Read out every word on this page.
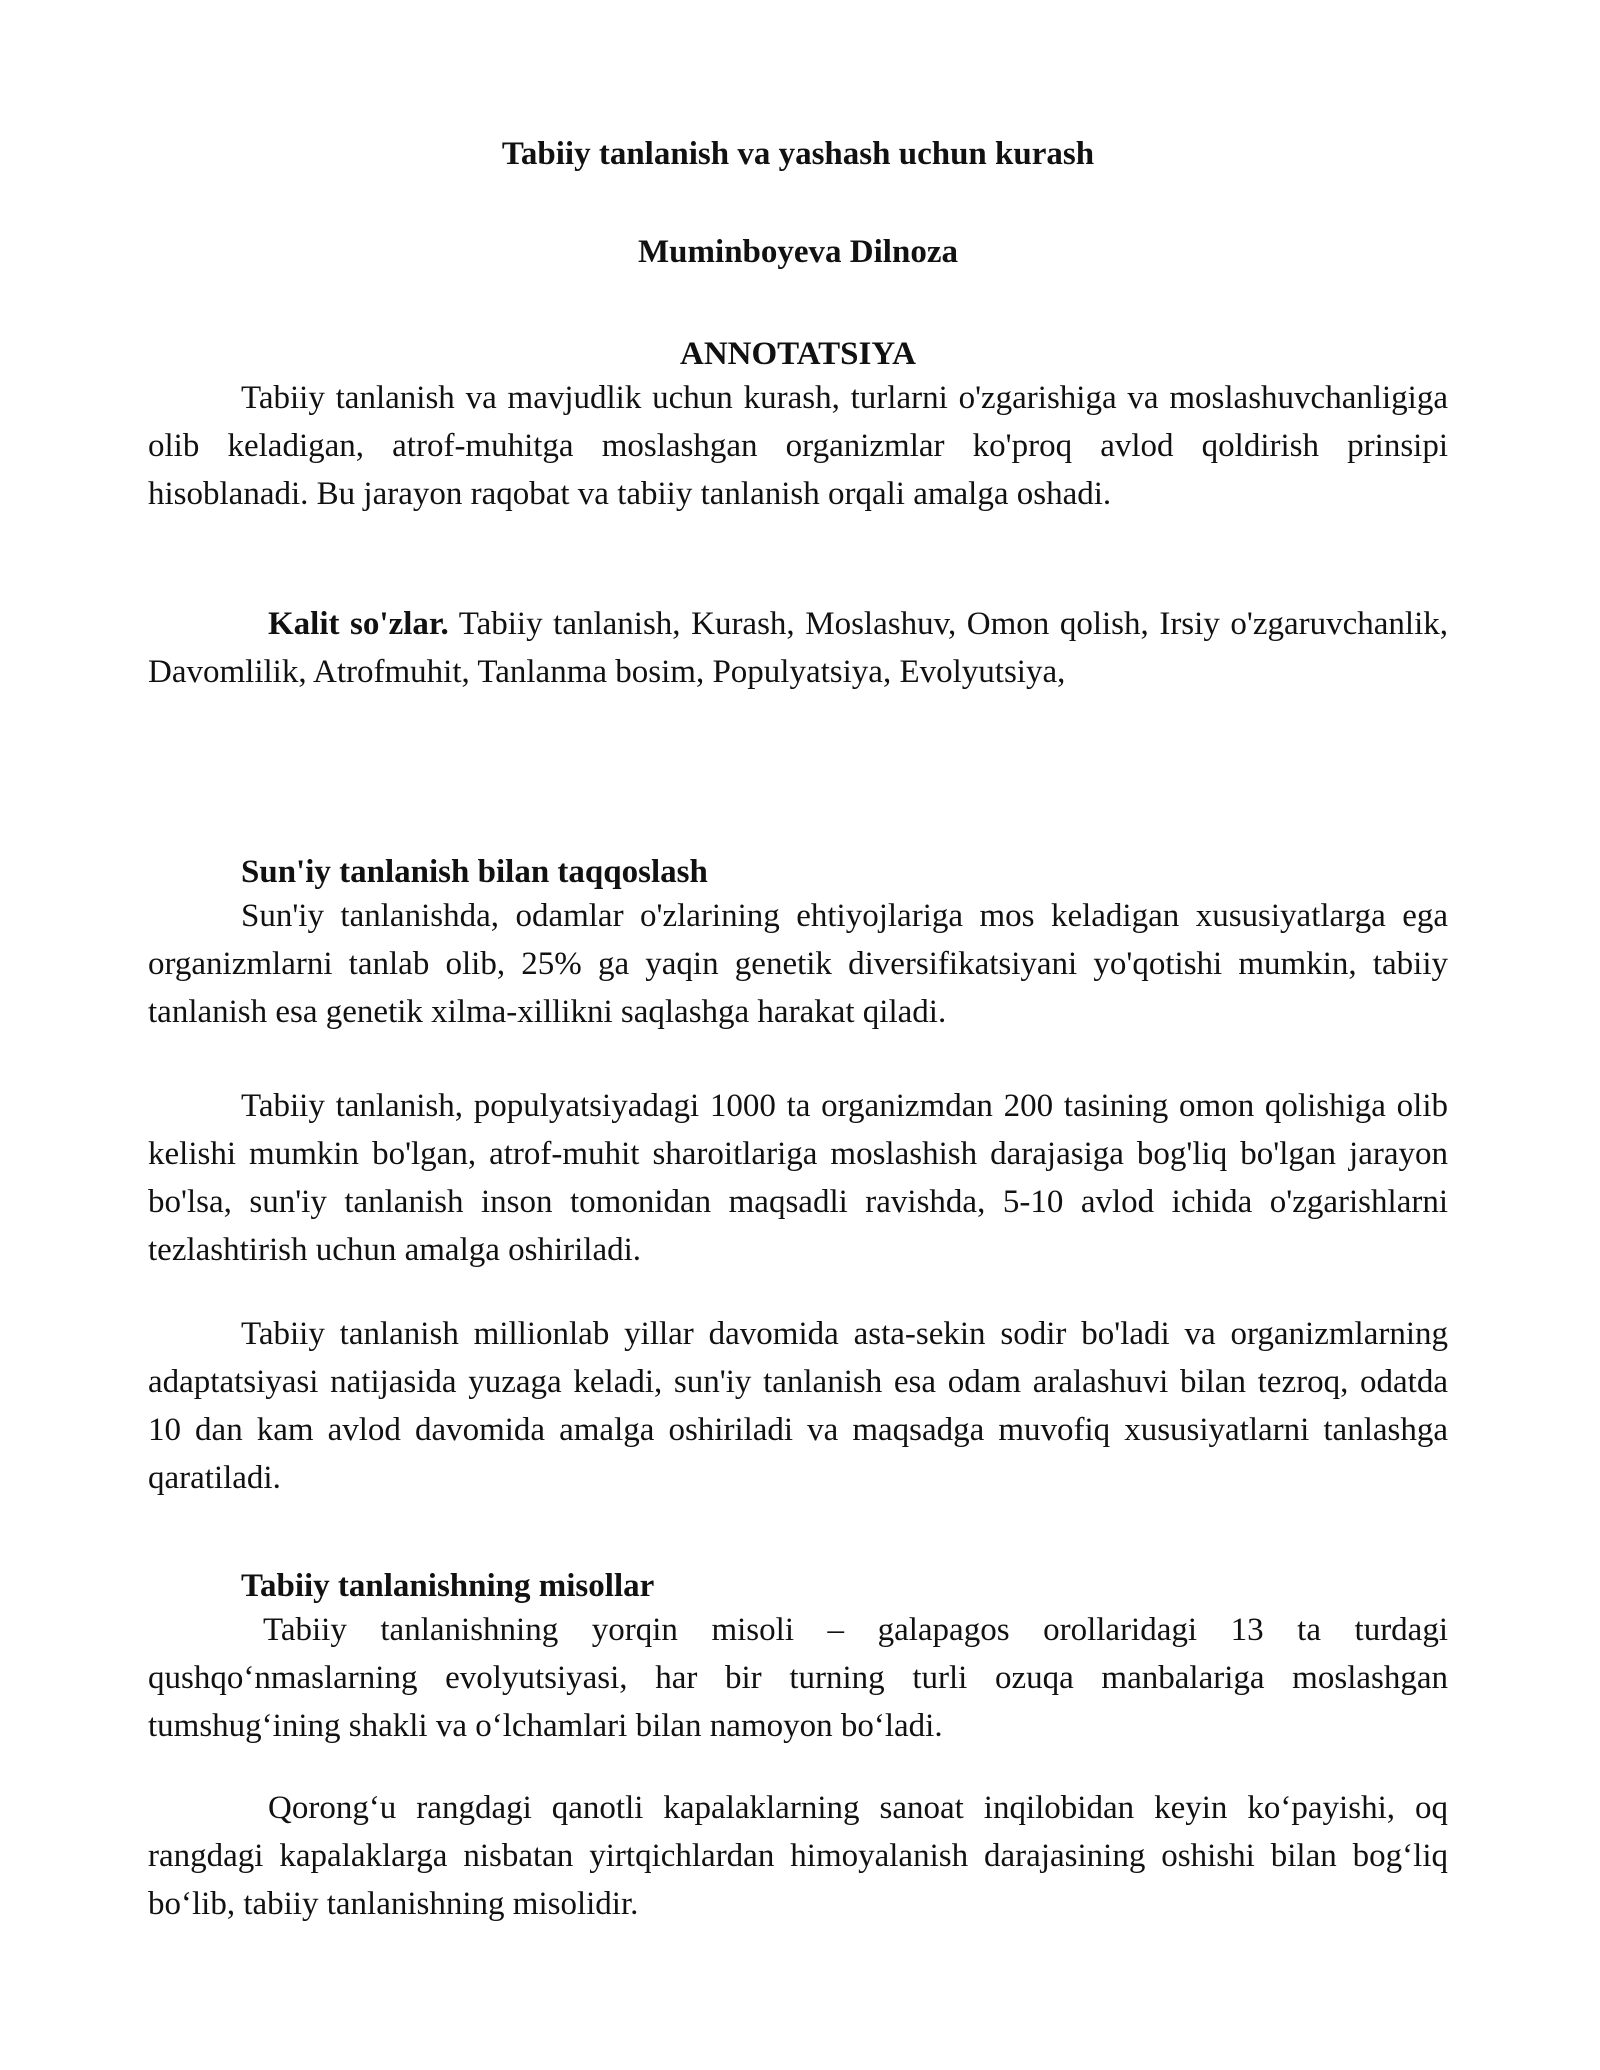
Tabiiy tanlanish va yashash uchun kurash
Muminboyeva Dilnoza
ANNOTATSIYA

Tabiiy tanlanish va mavjudlik uchun kurash, turlarni o'zgarishiga va moslashuvchanligiga olib keladigan, atrof-muhitga moslashgan organizmlar ko'proq avlod qoldirish prinsipi hisoblanadi. Bu jarayon raqobat va tabiiy tanlanish orqali amalga oshadi.

Kalit so'zlar. Tabiiy tanlanish, Kurash, Moslashuv, Omon qolish, Irsiy o'zgaruvchanlik, Davomlilik, Atrofmuhit, Tanlanma bosim, Populyatsiya, Evolyutsiya,

Sun'iy tanlanish bilan taqqoslash

Sun'iy tanlanishda, odamlar o'zlarining ehtiyojlariga mos keladigan xususiyatlarga ega organizmlarni tanlab olib, 25% ga yaqin genetik diversifikatsiyani yo'qotishi mumkin, tabiiy tanlanish esa genetik xilma-xillikni saqlashga harakat qiladi.

Tabiiy tanlanish, populyatsiyadagi 1000 ta organizmdan 200 tasining omon qolishiga olib kelishi mumkin bo'lgan, atrof-muhit sharoitlariga moslashish darajasiga bog'liq bo'lgan jarayon bo'lsa, sun'iy tanlanish inson tomonidan maqsadli ravishda, 5-10 avlod ichida o'zgarishlarni tezlashtirish uchun amalga oshiriladi.

Tabiiy tanlanish millionlab yillar davomida asta-sekin sodir bo'ladi va organizmlarning adaptatsiyasi natijasida yuzaga keladi, sun'iy tanlanish esa odam aralashuvi bilan tezroq, odatda 10 dan kam avlod davomida amalga oshiriladi va maqsadga muvofiq xususiyatlarni tanlashga qaratiladi.

Tabiiy tanlanishning misollar

Tabiiy tanlanishning yorqin misoli – galapagos orollaridagi 13 ta turdagi qushqoʻnmaslarning evolyutsiyasi, har bir turning turli ozuqa manbalariga moslashgan tumshugʻining shakli va oʻlchamlari bilan namoyon boʻladi.

Qorongʻu rangdagi qanotli kapalaklarning sanoat inqilobidan keyin koʻpayishi, oq rangdagi kapalaklarga nisbatan yirtqichlardan himoyalanish darajasining oshishi bilan bogʻliq boʻlib, tabiiy tanlanishning misolidir.
